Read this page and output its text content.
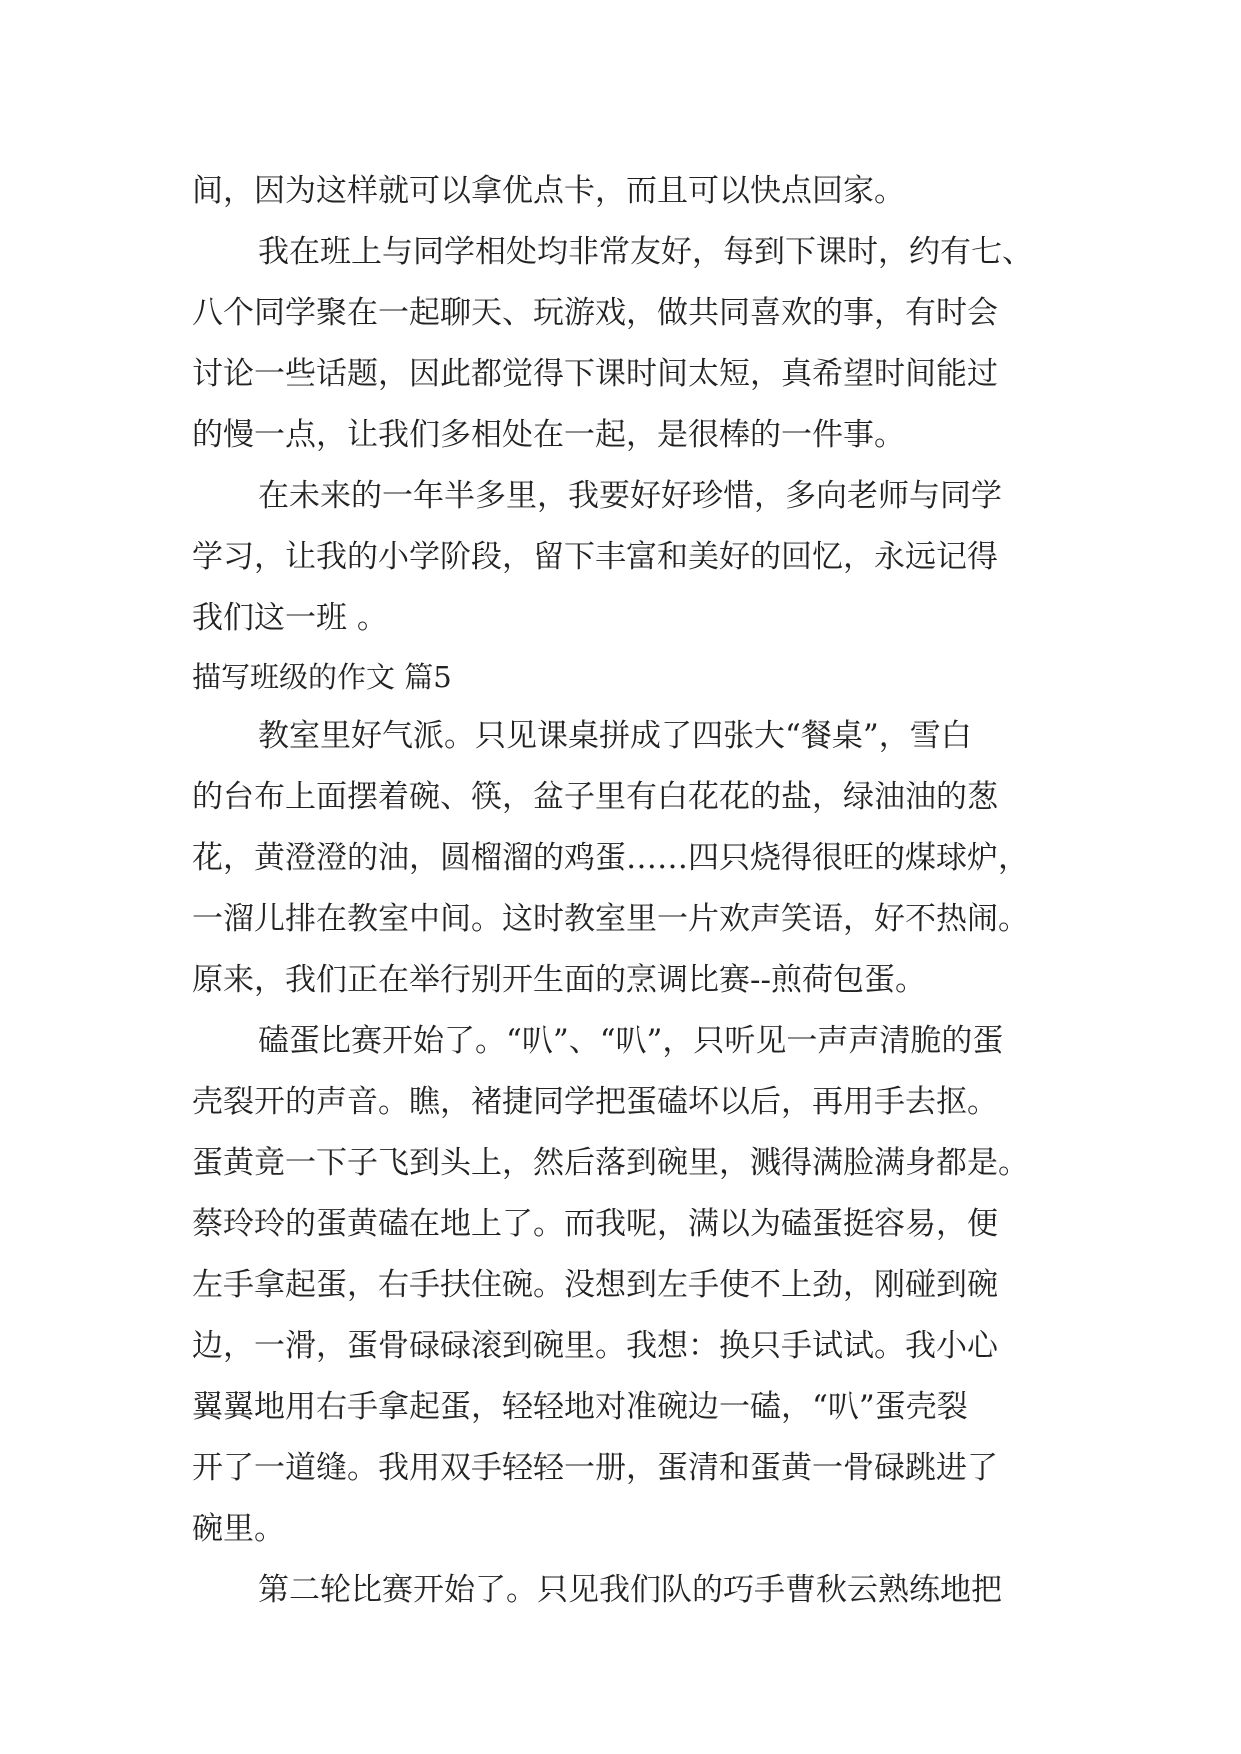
间，因为这样就可以拿优点卡，而且可以快点回家。
我在班上与同学相处均非常友好，每到下课时，约有七、
八个同学聚在一起聊天、玩游戏，做共同喜欢的事，有时会
讨论一些话题，因此都觉得下课时间太短，真希望时间能过
的慢一点，让我们多相处在一起，是很棒的一件事。
在未来的一年半多里，我要好好珍惜，多向老师与同学
学习，让我的小学阶段，留下丰富和美好的回忆，永远记得
我们这一班 。
描写班级的作文 篇5
教室里好气派。只见课桌拼成了四张大“餐桌”，雪白
的台布上面摆着碗、筷，盆子里有白花花的盐，绿油油的葱
花，黄澄澄的油，圆榴溜的鸡蛋……四只烧得很旺的煤球炉，
一溜儿排在教室中间。这时教室里一片欢声笑语，好不热闹。
原来，我们正在举行别开生面的烹调比赛--煎荷包蛋。
磕蛋比赛开始了。“叭”、“叭”，只听见一声声清脆的蛋
壳裂开的声音。瞧，褚捷同学把蛋磕坏以后，再用手去抠。
蛋黄竟一下子飞到头上，然后落到碗里，溅得满脸满身都是。
蔡玲玲的蛋黄磕在地上了。而我呢，满以为磕蛋挺容易，便
左手拿起蛋，右手扶住碗。没想到左手使不上劲，刚碰到碗
边，一滑，蛋骨碌碌滚到碗里。我想：换只手试试。我小心
翼翼地用右手拿起蛋，轻轻地对准碗边一磕，“叭”蛋壳裂
开了一道缝。我用双手轻轻一册，蛋清和蛋黄一骨碌跳进了
碗里。
第二轮比赛开始了。只见我们队的巧手曹秋云熟练地把
